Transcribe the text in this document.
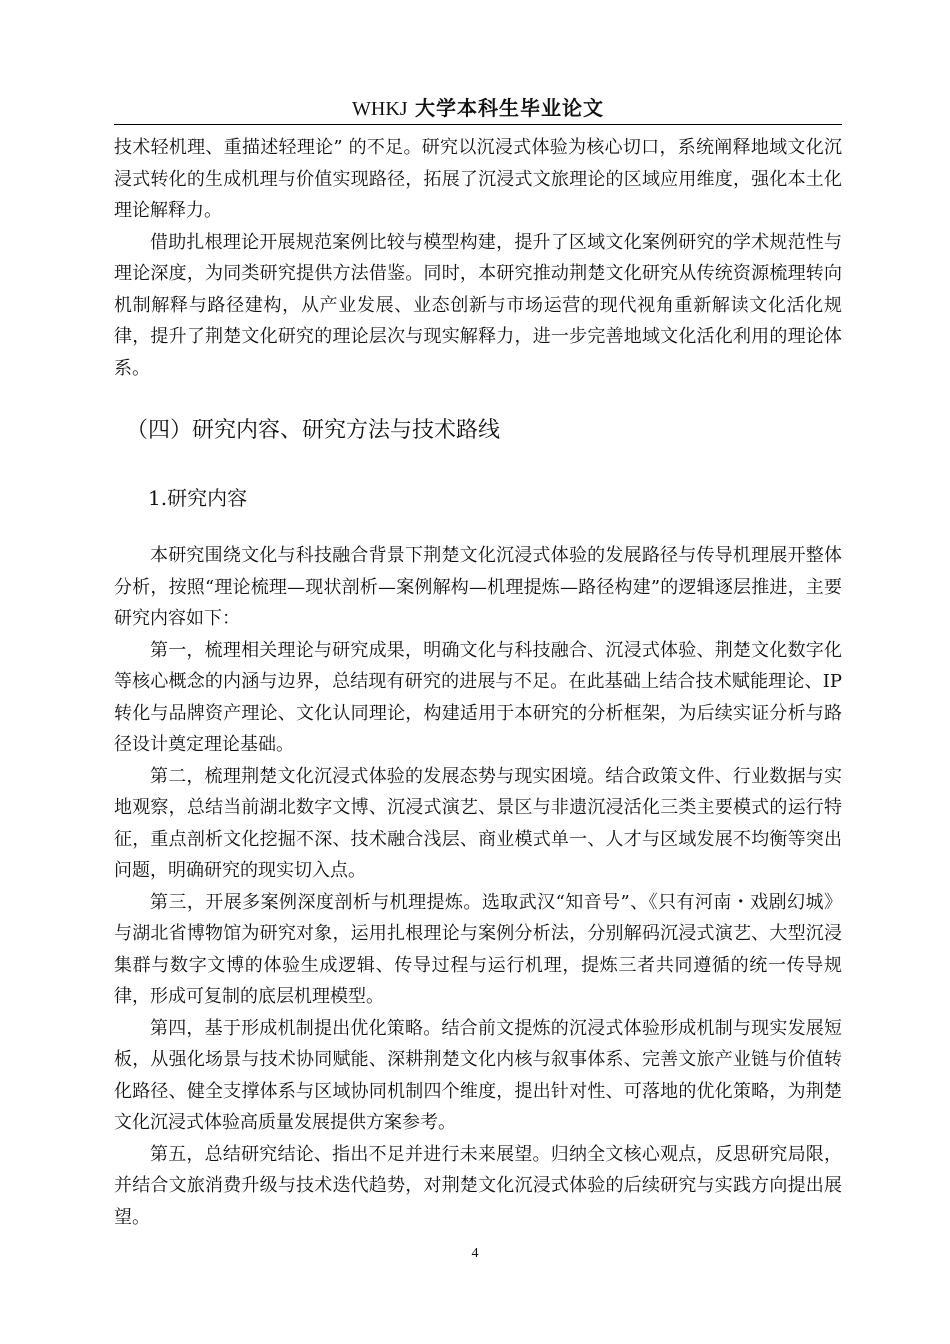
WHKJ 大学本科生毕业论文

技术轻机理、重描述轻理论” 的不足。研究以沉浸式体验为核心切口，系统阐释地域文化沉浸式转化的生成机理与价值实现路径，拓展了沉浸式文旅理论的区域应用维度，强化本土化理论解释力。

借助扎根理论开展规范案例比较与模型构建，提升了区域文化案例研究的学术规范性与理论深度，为同类研究提供方法借鉴。同时，本研究推动荆楚文化研究从传统资源梳理转向机制解释与路径建构，从产业发展、业态创新与市场运营的现代视角重新解读文化活化规律，提升了荆楚文化研究的理论层次与现实解释力，进一步完善地域文化活化利用的理论体系。

（四）研究内容、研究方法与技术路线
1.研究内容

本研究围绕文化与科技融合背景下荆楚文化沉浸式体验的发展路径与传导机理展开整体分析，按照“理论梳理—现状剖析—案例解构—机理提炼—路径构建”的逻辑逐层推进，主要研究内容如下：

第一，梳理相关理论与研究成果，明确文化与科技融合、沉浸式体验、荆楚文化数字化等核心概念的内涵与边界，总结现有研究的进展与不足。在此基础上结合技术赋能理论、IP 转化与品牌资产理论、文化认同理论，构建适用于本研究的分析框架，为后续实证分析与路径设计奠定理论基础。

第二，梳理荆楚文化沉浸式体验的发展态势与现实困境。结合政策文件、行业数据与实地观察，总结当前湖北数字文博、沉浸式演艺、景区与非遗沉浸活化三类主要模式的运行特征，重点剖析文化挖掘不深、技术融合浅层、商业模式单一、人才与区域发展不均衡等突出问题，明确研究的现实切入点。

第三，开展多案例深度剖析与机理提炼。选取武汉“知音号”、《只有河南・戏剧幻城》与湖北省博物馆为研究对象，运用扎根理论与案例分析法，分别解码沉浸式演艺、大型沉浸集群与数字文博的体验生成逻辑、传导过程与运行机理，提炼三者共同遵循的统一传导规律，形成可复制的底层机理模型。

第四，基于形成机制提出优化策略。结合前文提炼的沉浸式体验形成机制与现实发展短板，从强化场景与技术协同赋能、深耕荆楚文化内核与叙事体系、完善文旅产业链与价值转化路径、健全支撑体系与区域协同机制四个维度，提出针对性、可落地的优化策略，为荆楚文化沉浸式体验高质量发展提供方案参考。

第五，总结研究结论、指出不足并进行未来展望。归纳全文核心观点，反思研究局限，并结合文旅消费升级与技术迭代趋势，对荆楚文化沉浸式体验的后续研究与实践方向提出展望。

4
